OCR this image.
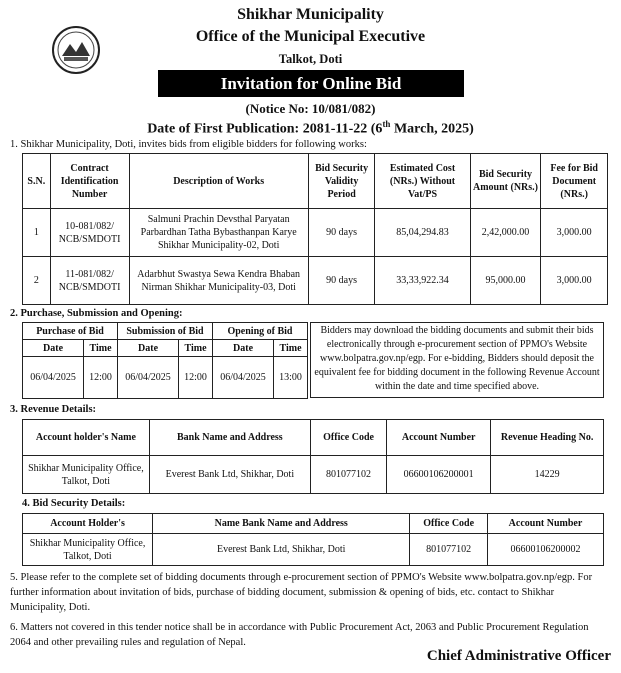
Shikhar Municipality
Office of the Municipal Executive
Talkot, Doti
Invitation for Online Bid
(Notice No: 10/081/082)
Date of First Publication: 2081-11-22 (6th March, 2025)
1. Shikhar Municipality, Doti, invites bids from eligible bidders for following works:
S.N.	Contract Identification Number	Description of Works	Bid Security Validity Period	Estimated Cost (NRs.) Without Vat/PS	Bid Security Amount (NRs.)	Fee for Bid Document (NRs.)
1	10-081/082/ NCB/SMDOTI	Salmuni Prachin Devsthal Paryatan Parbardhan Tatha Bybasthanpan Karye Shikhar Municipality-02, Doti	90 days	85,04,294.83	2,42,000.00	3,000.00
2	11-081/082/ NCB/SMDOTI	Adarbhut Swastya Sewa Kendra Bhaban Nirman Shikhar Municipality-03, Doti	90 days	33,33,922.34	95,000.00	3,000.00
2. Purchase, Submission and Opening:
Purchase of Bid		Submission of Bid		Opening of Bid	
Date	Time	Date	Time	Date	Time
06/04/2025	12:00	06/04/2025	12:00	06/04/2025	13:00
Bidders may download the bidding documents and submit their bids electronically through e-procurement section of PPMO's Website www.bolpatra.gov.np/egp. For e-bidding, Bidders should deposit the equivalent fee for bidding document in the following Revenue Account within the date and time specified above.
3. Revenue Details:
Account holder's Name	Bank Name and Address	Office Code	Account Number	Revenue Heading No.
Shikhar Municipality Office, Talkot, Doti	Everest Bank Ltd, Shikhar, Doti	801077102	06600106200001	14229
4. Bid Security Details:
Account Holder's	Name Bank Name and Address	Office Code	Account Number
Shikhar Municipality Office, Talkot, Doti	Everest Bank Ltd, Shikhar, Doti	801077102	06600106200002
5. Please refer to the complete set of bidding documents through e-procurement section of PPMO's Website www.bolpatra.gov.np/egp. For further information about invitation of bids, purchase of bidding document, submission & opening of bids, etc. contact to Shikhar Municipality, Doti.
6. Matters not covered in this tender notice shall be in accordance with Public Procurement Act, 2063 and Public Procurement Regulation 2064 and other prevailing rules and regulation of Nepal.
Chief Administrative Officer
